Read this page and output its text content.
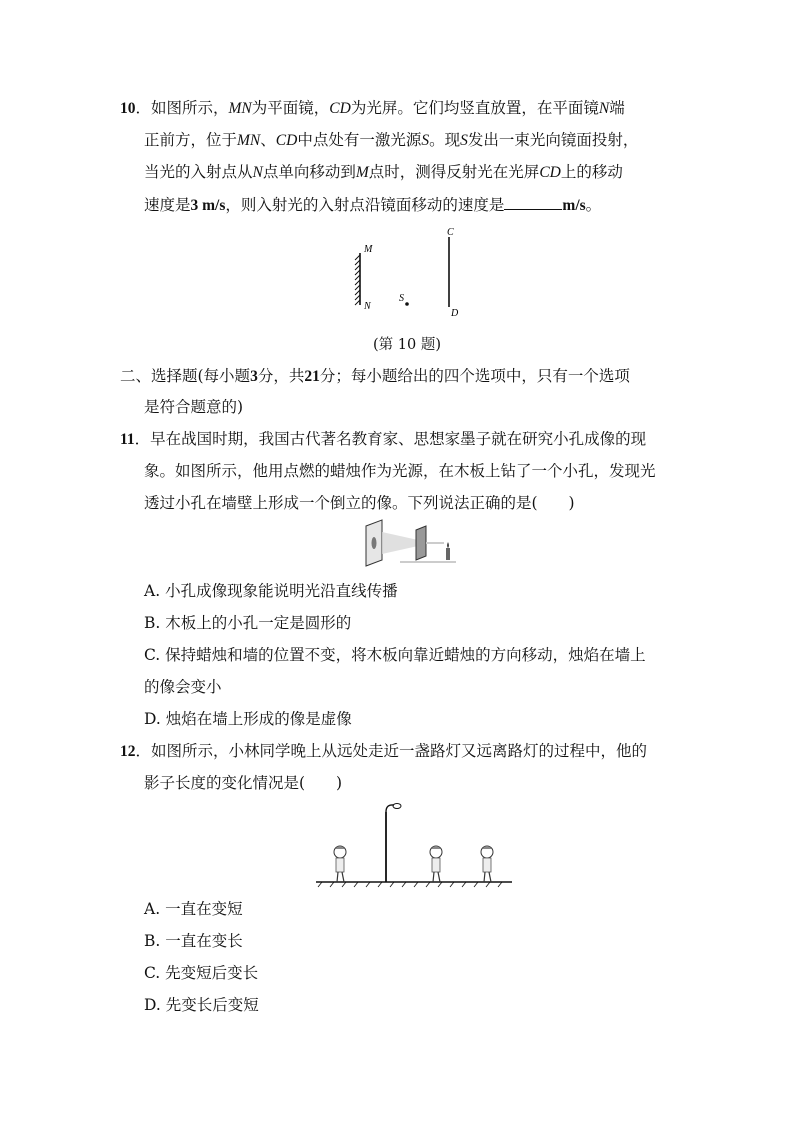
10．如图所示，MN为平面镜，CD为光屏。它们均竖直放置，在平面镜N端
正前方，位于MN、CD中点处有一激光源S。现S发出一束光向镜面投射，
当光的入射点从N点单向移动到M点时，测得反射光在光屏CD上的移动
速度是3 m/s，则入射光的入射点沿镜面移动的速度是	m/s。
M
N
S
C
D
(第 10 题)
二、选择题(每小题3分，共21分；每小题给出的四个选项中，只有一个选项
是符合题意的)
11．早在战国时期，我国古代著名教育家、思想家墨子就在研究小孔成像的现
象。如图所示，他用点燃的蜡烛作为光源，在木板上钻了一个小孔，发现光
透过小孔在墙壁上形成一个倒立的像。下列说法正确的是(　　)
A. 小孔成像现象能说明光沿直线传播
B. 木板上的小孔一定是圆形的
C. 保持蜡烛和墙的位置不变，将木板向靠近蜡烛的方向移动，烛焰在墙上
的像会变小
D. 烛焰在墙上形成的像是虚像
12．如图所示，小林同学晚上从远处走近一盏路灯又远离路灯的过程中，他的
影子长度的变化情况是(　　)
A. 一直在变短
B. 一直在变长
C. 先变短后变长
D. 先变长后变短
